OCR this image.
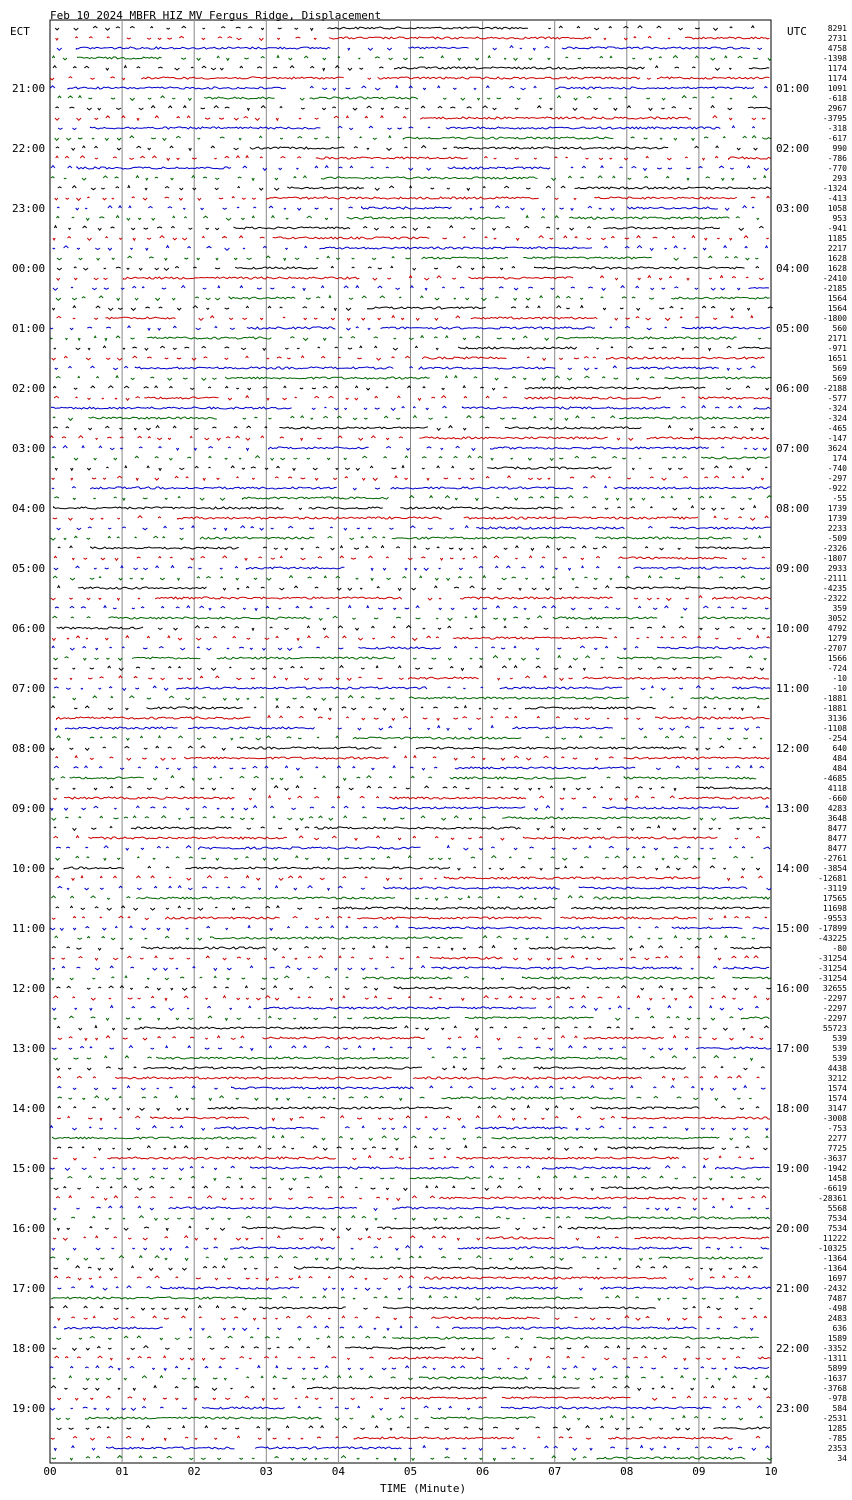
00	01	02	03	04	05	06	07	08	09	10
21:00
22:00
23:00
00:00
01:00
02:00
03:00
04:00
05:00
06:00
07:00
08:00
09:00
10:00
11:00
12:00
13:00
14:00
15:00
16:00
17:00
18:00
19:00
01:00
02:00
03:00
04:00
05:00
06:00
07:00
08:00
09:00
10:00
11:00
12:00
13:00
14:00
15:00
16:00
17:00
18:00
19:00
20:00
21:00
22:00
23:00
8291
2731
4758
-1398
1174
1174
1091
-618
2967
-3795
-318
-617
990
-786
-770
293
-1324
-413
1058
953
-941
1185
2217
1628
1628
-2410
-2185
1564
1564
-1800
560
2171
-971
1651
569
569
-2188
-577
-324
-324
-465
-147
3624
174
-740
-297
-922
-55
1739
1739
2233
-509
-2326
-1807
2933
-2111
-4235
-2322
359
3052
4792
1279
-2707
1566
-724
-10
-10
-1881
-1881
3136
-1108
-254
640
484
484
-4685
4118
-660
4283
3648
8477
8477
8477
-2761
-3854
-12681
-3119
17565
11698
-9553
-17899
-43225
-80
-31254
-31254
-31254
32655
-2297
-2297
-2297
55723
539
539
539
4438
3212
1574
1574
3147
-3008
-753
2277
7725
-3637
-1942
1458
-6619
-28361
5568
7534
7534
11222
-10325
-1364
-1364
1697
-2432
7487
-498
2483
636
1589
-3352
-1311
5899
-1637
-3768
-978
584
-2531
1285
-785
2353
34
Feb 10 2024 MBFR HIZ MV Fergus Ridge, Displacement
ECT	UTC
TIME (Minute)
